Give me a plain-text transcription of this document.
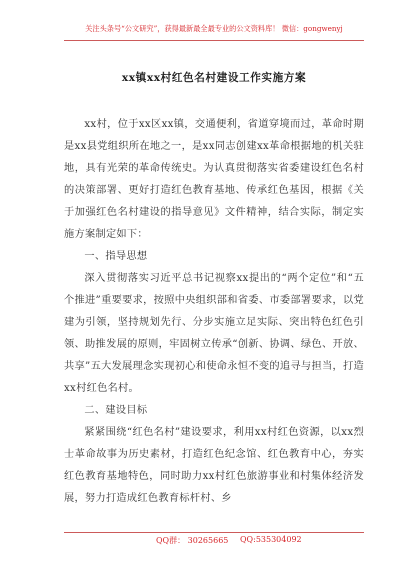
关注头条号“公文研究”，获得最新最全最专业的公文资料库！ 微信：gongwenyj
xx镇xx村红色名村建设工作实施方案

xx村，位于xx区xx镇，交通便利，省道穿境而过，革命时期是xx县党组织所在地之一，是xx同志创建xx革命根据地的机关驻地，具有光荣的革命传统史。为认真贯彻落实省委建设红色名村的决策部署、更好打造红色教育基地、传承红色基因，根据《关于加强红色名村建设的指导意见》文件精神，结合实际，制定实施方案制定如下：

一、指导思想

深入贯彻落实习近平总书记视察xx提出的“两个定位”和“五个推进”重要要求，按照中央组织部和省委、市委部署要求，以党建为引领，坚持规划先行、分步实施立足实际、突出特色红色引领、助推发展的原则，牢固树立传承“创新、协调、绿色、开放、共享”五大发展理念实现初心和使命永恒不变的追寻与担当，打造xx村红色名村。

二、建设目标

紧紧围绕“红色名村”建设要求，利用xx村红色资源，以xx烈士革命故事为历史素材，打造红色纪念馆、红色教育中心，夯实红色教育基地特色，同时助力xx村红色旅游事业和村集体经济发展，努力打造成红色教育标杆村、乡

QQ群： 30265665 QQ:535304092
